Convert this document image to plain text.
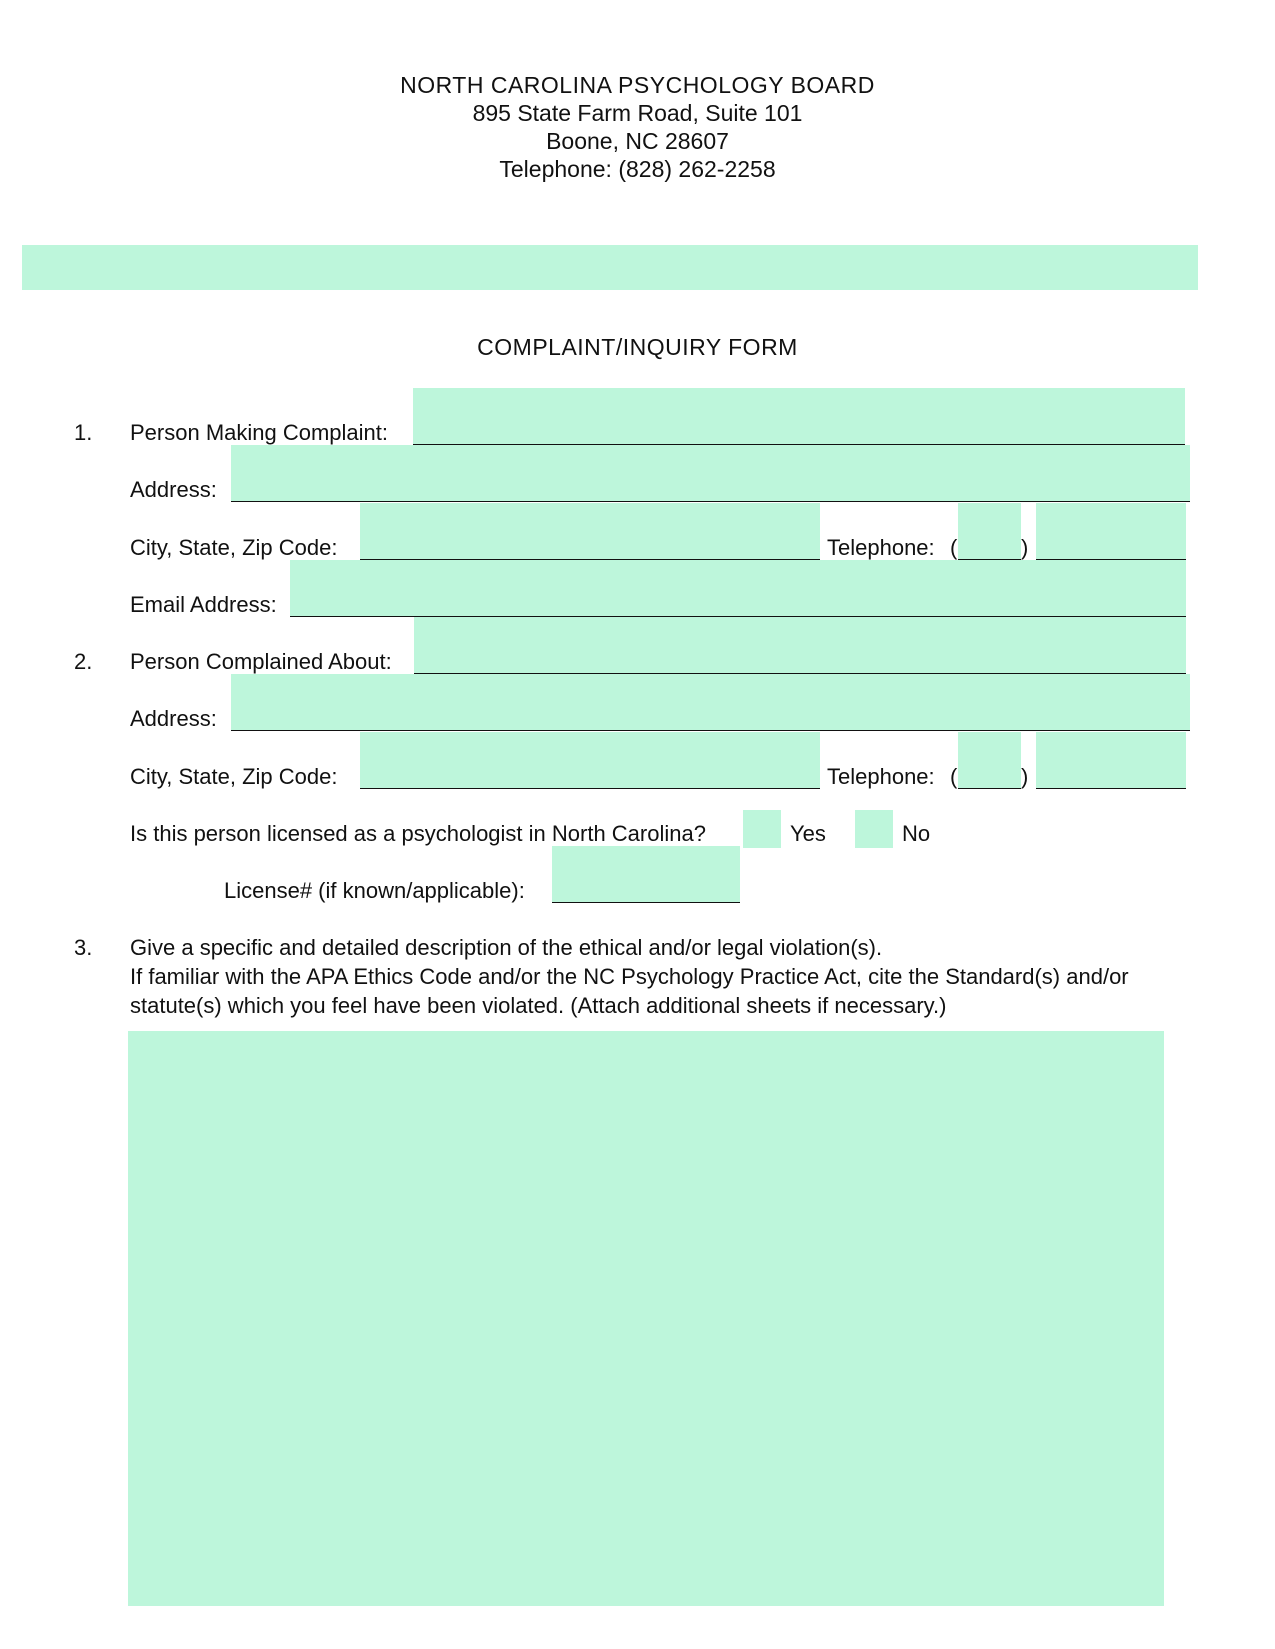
NORTH CAROLINA PSYCHOLOGY BOARD
895 State Farm Road, Suite 101
Boone, NC 28607
Telephone: (828) 262-2258
COMPLAINT/INQUIRY FORM
1. Person Making Complaint:
Address:
City, State, Zip Code:	Telephone: (	)
Email Address:
2. Person Complained About:
Address:
City, State, Zip Code:	Telephone: (	)
Is this person licensed as a psychologist in North Carolina?	Yes	No
License# (if known/applicable):
3. Give a specific and detailed description of the ethical and/or legal violation(s).
If familiar with the APA Ethics Code and/or the NC Psychology Practice Act, cite the Standard(s) and/or
statute(s) which you feel have been violated. (Attach additional sheets if necessary.)
